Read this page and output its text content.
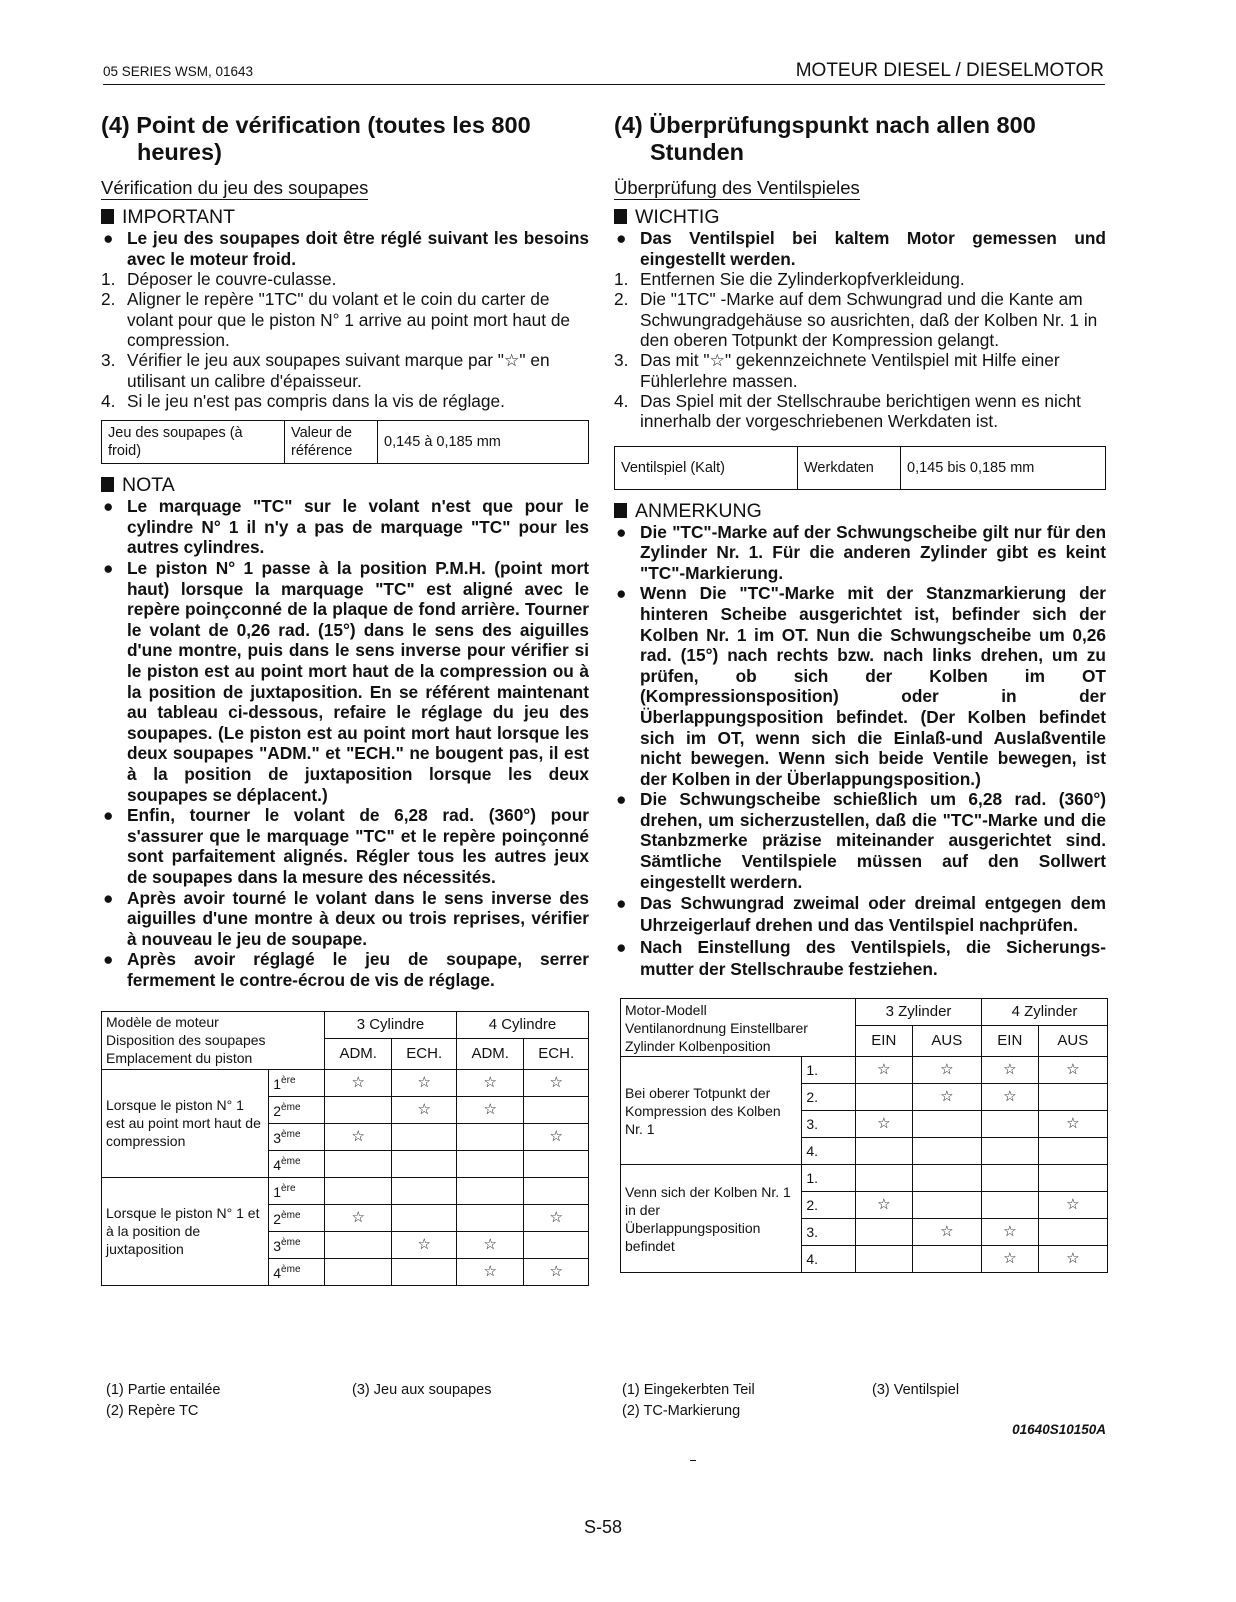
05 SERIES WSM, 01643	MOTEUR DIESEL / DIESELMOTOR
(4) Point de vérification (toutes les 800 heures)
Vérification du jeu des soupapes
IMPORTANT
● Le jeu des soupapes doit être réglé suivant les besoins avec le moteur froid.
1. Déposer le couvre-culasse.
2. Aligner le repère "1TC" du volant et le coin du carter de volant pour que le piston N° 1 arrive au point mort haut de compression.
3. Vérifier le jeu aux soupapes suivant marque par "☆" en utilisant un calibre d'épaisseur.
4. Si le jeu n'est pas compris dans la vis de réglage.
Jeu des soupapes (à froid)	Valeur de référence	0,145 à 0,185 mm
NOTA
● Le marquage "TC" sur le volant n'est que pour le cylindre N° 1 il n'y a pas de marquage "TC" pour les autres cylindres.
● Le piston N° 1 passe à la position P.M.H. (point mort haut) lorsque la marquage "TC" est aligné avec le repère poinçconné de la plaque de fond arrière. Tourner le volant de 0,26 rad. (15°) dans le sens des aiguilles d'une montre, puis dans le sens inverse pour vérifier si le piston est au point mort haut de la compression ou à la position de juxtaposition. En se référent maintenant au tableau ci-dessous, refaire le réglage du jeu des soupapes. (Le piston est au point mort haut lorsque les deux soupapes "ADM." et "ECH." ne bougent pas, il est à la position de juxtaposition lorsque les deux soupapes se déplacent.)
● Enfin, tourner le volant de 6,28 rad. (360°) pour s'assurer que le marquage "TC" et le repère poinçonné sont parfaitement alignés. Régler tous les autres jeux de soupapes dans la mesure des nécessités.
● Après avoir tourné le volant dans le sens inverse des aiguilles d'une montre à deux ou trois reprises, vérifier à nouveau le jeu de soupape.
● Après avoir réglagé le jeu de soupape, serrer fermement le contre-écrou de vis de réglage.
Modèle de moteurDisposition des soupapesEmplacement du piston		3 Cylindre		4 Cylindre	
		ADM.	ECH.	ADM.	ECH.
Lorsque le piston N° 1 est au point mort haut de compression	1ère	☆	☆	☆	☆
	2ème		☆	☆	
	3ème	☆			☆
	4ème				
Lorsque le piston N° 1 et à la position de juxtaposition	1ère				
	2ème	☆			☆
	3ème		☆	☆	
	4ème			☆	☆
(4) Überprüfungspunkt nach allen 800 Stunden
Überprüfung des Ventilspieles
WICHTIG
● Das Ventilspiel bei kaltem Motor gemessen und eingestellt werden.
1. Entfernen Sie die Zylinderkopfverkleidung.
2. Die "1TC" -Marke auf dem Schwungrad und die Kante am Schwungradgehäuse so ausrichten, daß der Kolben Nr. 1 in den oberen Totpunkt der Kompression gelangt.
3. Das mit "☆" gekennzeichnete Ventilspiel mit Hilfe einer Fühlerlehre massen.
4. Das Spiel mit der Stellschraube berichtigen wenn es nicht innerhalb der vorgeschriebenen Werkdaten ist.
Ventilspiel (Kalt)	Werkdaten	0,145 bis 0,185 mm
ANMERKUNG
● Die "TC"-Marke auf der Schwungscheibe gilt nur für den Zylinder Nr. 1. Für die anderen Zylinder gibt es keint "TC"-Markierung.
● Wenn Die "TC"-Marke mit der Stanzmarkierung der hinteren Scheibe ausgerichtet ist, befinder sich der Kolben Nr. 1 im OT. Nun die Schwungscheibe um 0,26 rad. (15°) nach rechts bzw. nach links drehen, um zu prüfen, ob sich der Kolben im OT (Kompressionsposition) oder in der Überlappungsposition befindet. (Der Kolben befindet sich im OT, wenn sich die Einlaß-und Auslaßventile nicht bewegen. Wenn sich beide Ventile bewegen, ist der Kolben in der Überlappungsposition.)
● Die Schwungscheibe schießlich um 6,28 rad. (360°) drehen, um sicherzustellen, daß die "TC"-Marke und die Stanbzmerke präzise miteinander ausgerichtet sind. Sämtliche Ventilspiele müssen auf den Sollwert eingestellt werdern.
● Das Schwungrad zweimal oder dreimal entgegen dem Uhrzeigerlauf drehen und das Ventilspiel nachprüfen.
● Nach Einstellung des Ventilspiels, die Sicherungs-mutter der Stellschraube festziehen.
Motor-ModellVentilanordnung EinstellbarerZylinder Kolbenposition		3 Zylinder		4 Zylinder	
		EIN	AUS	EIN	AUS
Bei oberer Totpunkt der Kompression des Kolben Nr. 1	1.	☆	☆	☆	☆
	2.		☆	☆	
	3.	☆			☆
	4.				
Venn sich der Kolben Nr. 1 in der Überlappungsposition befindet	1.				
	2.	☆			☆
	3.		☆	☆	
	4.			☆	☆
(1) Partie entailée
(2) Repère TC
(3) Jeu aux soupapes	(1) Eingekerbten Teil
(2) TC-Markierung
(3) Ventilspiel
01640S10150A
S-58
